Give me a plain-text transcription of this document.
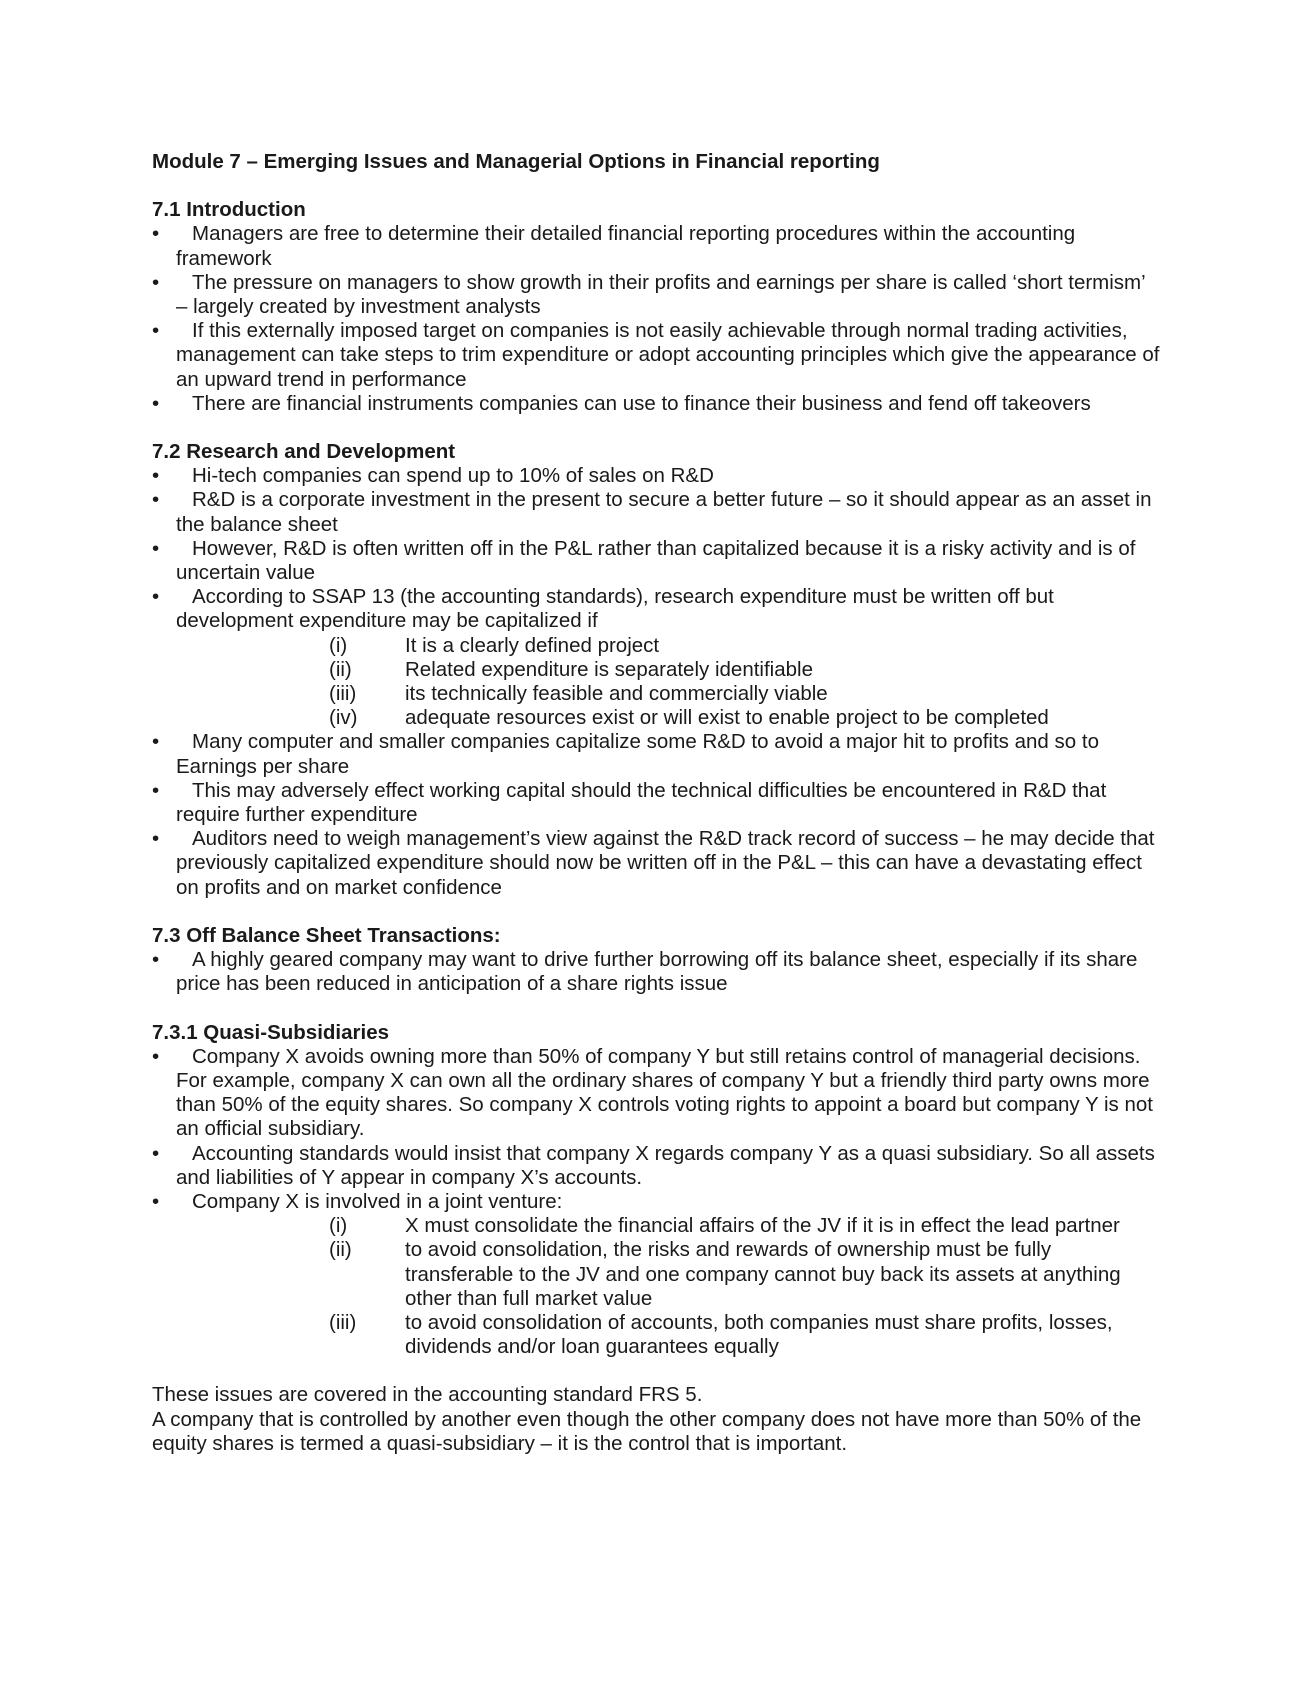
Module 7 – Emerging Issues and Managerial Options in Financial reporting

7.1 Introduction

•	Managers are free to determine their detailed financial reporting procedures within the accounting framework
•	The pressure on managers to show growth in their profits and earnings per share is called ‘short termism’ – largely created by investment analysts
•	If this externally imposed target on companies is not easily achievable through normal trading activities, management can take steps to trim expenditure or adopt accounting principles which give the appearance of an upward trend in performance
•	There are financial instruments companies can use to finance their business and fend off takeovers

7.2 Research and Development

•	Hi-tech companies can spend up to 10% of sales on R&D
•	R&D is a corporate investment in the present to secure a better future – so it should appear as an asset in the balance sheet
•	However, R&D is often written off in the P&L rather than capitalized because it is a risky activity and is of uncertain value
•	According to SSAP 13 (the accounting standards), research expenditure must be written off but development expenditure may be capitalized if
(i)	It is a clearly defined project
(ii)	Related expenditure is separately identifiable
(iii) its technically feasible and commercially viable
(iv) adequate resources exist or will exist to enable project to be completed
•	Many computer and smaller companies capitalize some R&D to avoid a major hit to profits and so to Earnings per share
•	This may adversely effect working capital should the technical difficulties be encountered in R&D that require further expenditure
•	Auditors need to weigh management’s view against the R&D track record of success – he may decide that previously capitalized expenditure should now be written off in the P&L – this can have a devastating effect on profits and on market confidence

7.3 Off Balance Sheet Transactions:

•	A highly geared company may want to drive further borrowing off its balance sheet, especially if its share price has been reduced in anticipation of a share rights issue

7.3.1 Quasi-Subsidiaries

•	Company X avoids owning more than 50% of company Y but still retains control of managerial decisions. For example, company X can own all the ordinary shares of company Y but a friendly third party owns more than 50% of the equity shares. So company X controls voting rights to appoint a board but company Y is not an official subsidiary.
•	Accounting standards would insist that company X regards company Y as a quasi subsidiary. So all assets and liabilities of Y appear in company X’s accounts.
•	Company X is involved in a joint venture:
(i)	X must consolidate the financial affairs of the JV if it is in effect the lead partner
(ii)	to avoid consolidation, the risks and rewards of ownership must be fully transferable to the JV and one company cannot buy back its assets at anything other than full market value
(iii) to avoid consolidation of accounts, both companies must share profits, losses, dividends and/or loan guarantees equally

These issues are covered in the accounting standard FRS 5.

A company that is controlled by another even though the other company does not have more than 50% of the equity shares is termed a quasi-subsidiary – it is the control that is important.
